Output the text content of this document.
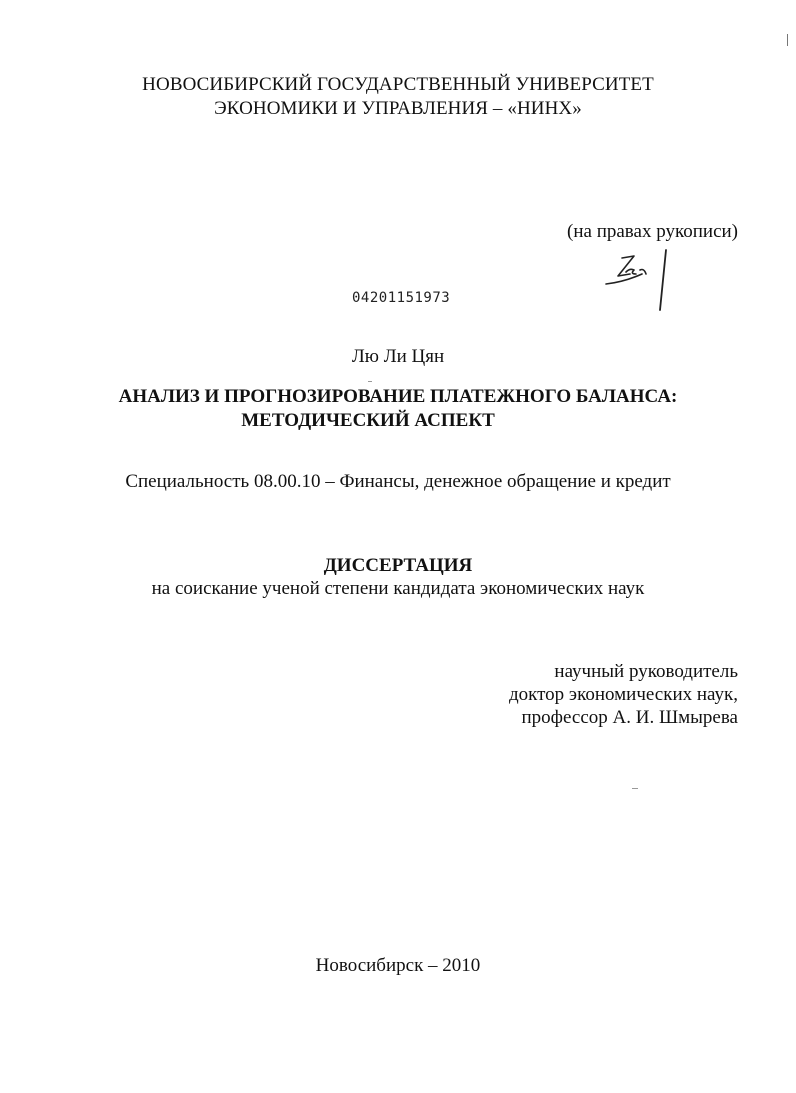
НОВОСИБИРСКИЙ ГОСУДАРСТВЕННЫЙ УНИВЕРСИТЕТ
ЭКОНОМИКИ И УПРАВЛЕНИЯ – «НИНХ»
(на правах рукописи)
04201151973
Лю Ли Цян
АНАЛИЗ И ПРОГНОЗИРОВАНИЕ ПЛАТЕЖНОГО БАЛАНСА:
МЕТОДИЧЕСКИЙ АСПЕКТ
Специальность 08.00.10 – Финансы, денежное обращение и кредит
ДИССЕРТАЦИЯ
на соискание ученой степени кандидата экономических наук
научный руководитель
доктор экономических наук,
профессор А. И. Шмырева
Новосибирск – 2010
